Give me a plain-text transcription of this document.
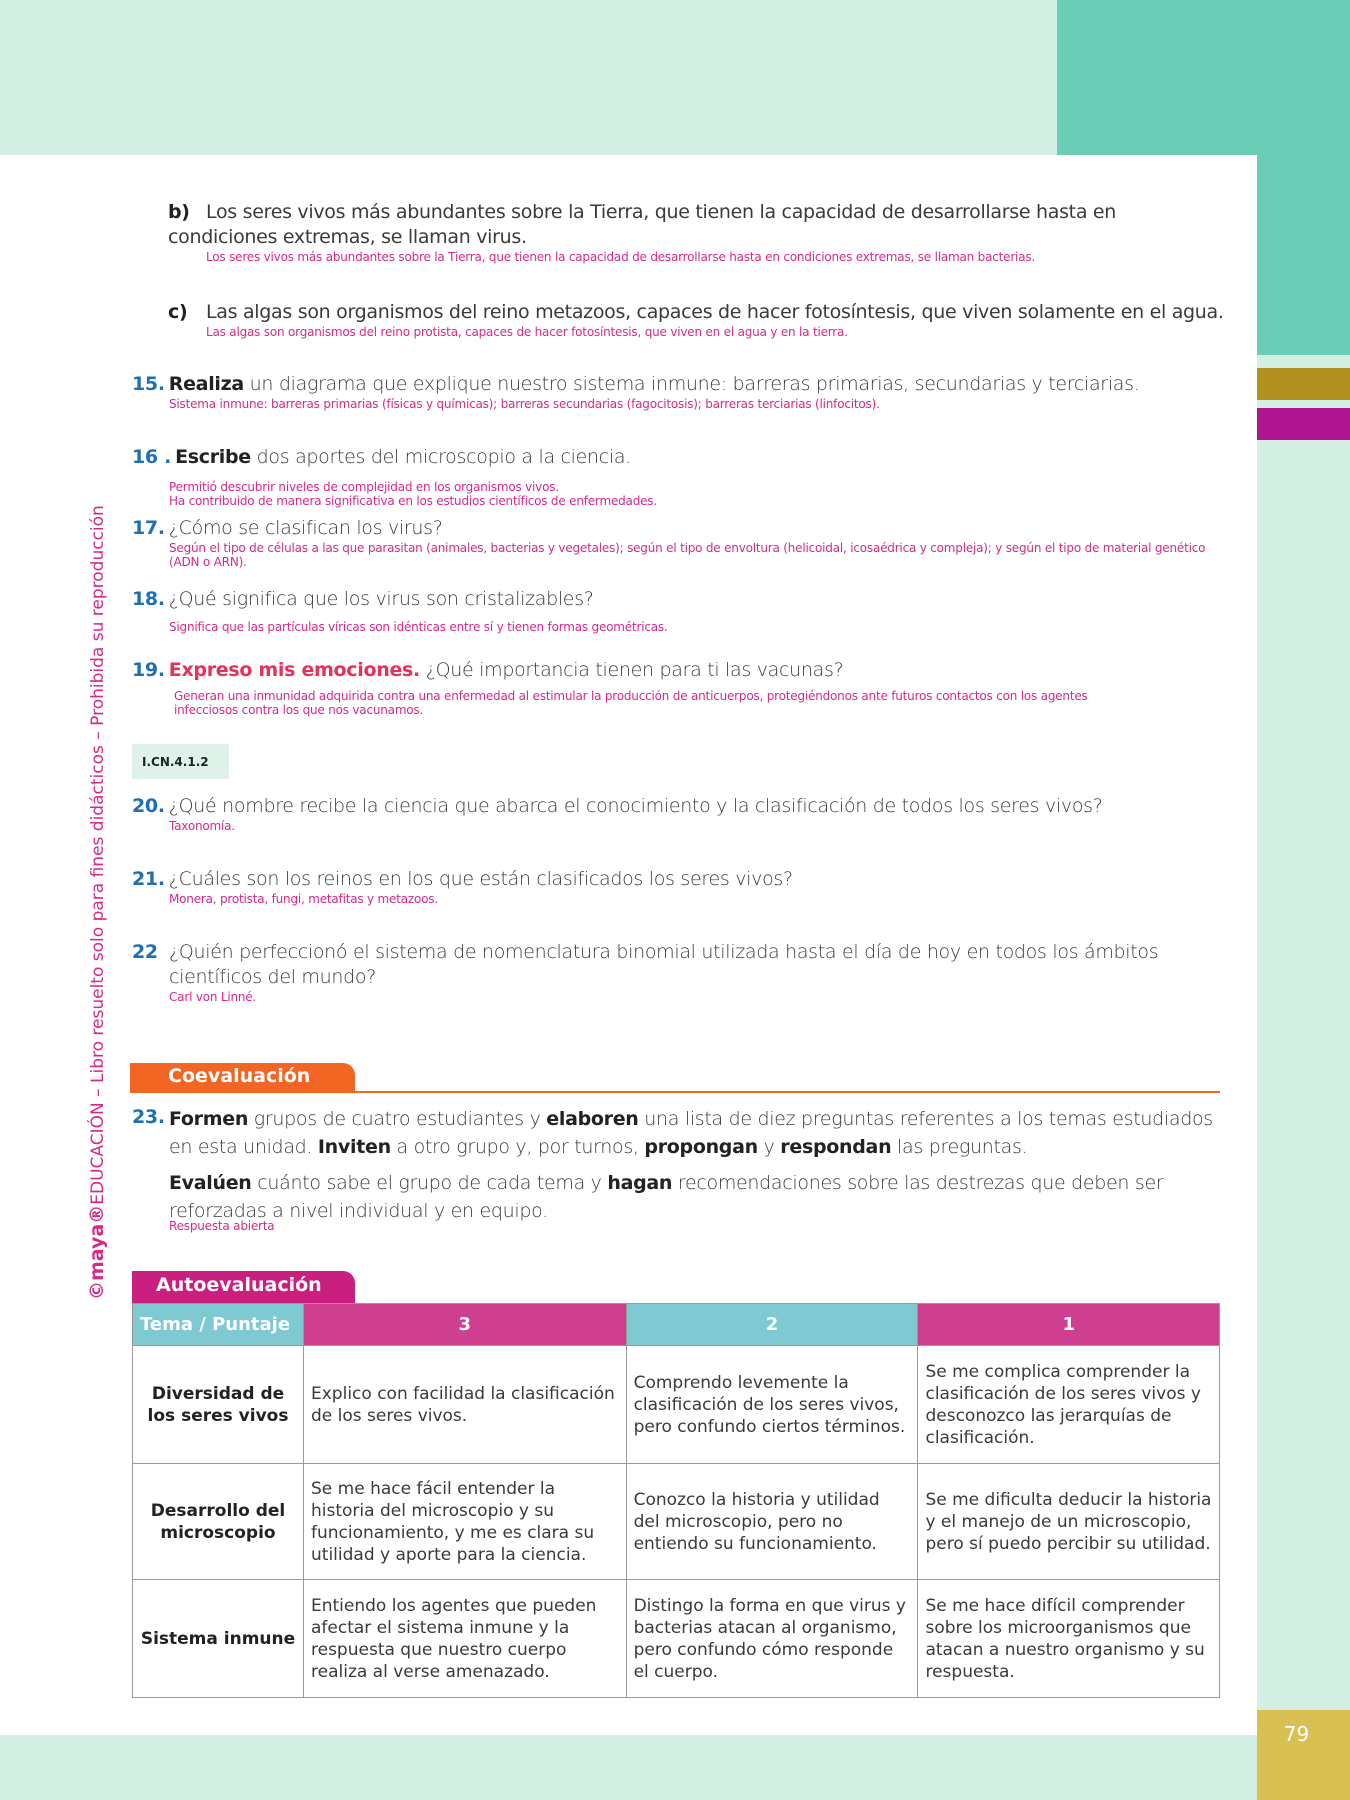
79
©maya®EDUCACIÓN – Libro resuelto solo para fines didácticos – Prohibida su reproducción
b) Los seres vivos más abundantes sobre la Tierra, que tienen la capacidad de desarrollarse hasta en condiciones extremas, se llaman virus.
Los seres vivos más abundantes sobre la Tierra, que tienen la capacidad de desarrollarse hasta en condiciones extremas, se llaman bacterias.
c) Las algas son organismos del reino metazoos, capaces de hacer fotosíntesis, que viven solamente en el agua.
Las algas son organismos del reino protista, capaces de hacer fotosíntesis, que viven en el agua y en la tierra.
15. Realiza un diagrama que explique nuestro sistema inmune: barreras primarias, secundarias y terciarias.
Sistema inmune: barreras primarias (físicas y químicas); barreras secundarias (fagocitosis); barreras terciarias (linfocitos).
16 . Escribe dos aportes del microscopio a la ciencia.
Permitió descubrir niveles de complejidad en los organismos vivos.
Ha contribuido de manera significativa en los estudios científicos de enfermedades.
17. ¿Cómo se clasifican los virus?
Según el tipo de células a las que parasitan (animales, bacterias y vegetales); según el tipo de envoltura (helicoidal, icosaédrica y compleja); y según el tipo de material genético (ADN o ARN).
18. ¿Qué significa que los virus son cristalizables?
Significa que las partículas víricas son idénticas entre sí y tienen formas geométricas.
19. Expreso mis emociones. ¿Qué importancia tienen para ti las vacunas?
Generan una inmunidad adquirida contra una enfermedad al estimular la producción de anticuerpos, protegiéndonos ante futuros contactos con los agentes infecciosos contra los que nos vacunamos.
I.CN.4.1.2
20. ¿Qué nombre recibe la ciencia que abarca el conocimiento y la clasificación de todos los seres vivos?
Taxonomía.
21. ¿Cuáles son los reinos en los que están clasificados los seres vivos?
Monera, protista, fungi, metafitas y metazoos.
22 ¿Quién perfeccionó el sistema de nomenclatura binomial utilizada hasta el día de hoy en todos los ámbitos científicos del mundo?
Carl von Linné.
Coevaluación
23. Formen grupos de cuatro estudiantes y elaboren una lista de diez preguntas referentes a los temas estudiados en esta unidad. Inviten a otro grupo y, por turnos, propongan y respondan las preguntas.
Evalúen cuánto sabe el grupo de cada tema y hagan recomendaciones sobre las destrezas que deben ser reforzadas a nivel individual y en equipo.
Respuesta abierta
Autoevaluación
Tema / Puntaje	3	2	1
Diversidad de los seres vivos	Explico con facilidad la clasificación de los seres vivos.	Comprendo levemente la clasificación de los seres vivos, pero confundo ciertos términos.	Se me complica comprender la clasificación de los seres vivos y desconozco las jerarquías de clasificación.
Desarrollo del microscopio	Se me hace fácil entender la historia del microscopio y su funcionamiento, y me es clara su utilidad y aporte para la ciencia.	Conozco la historia y utilidad del microscopio, pero no entiendo su funcionamiento.	Se me dificulta deducir la historia y el manejo de un microscopio, pero sí puedo percibir su utilidad.
Sistema inmune	Entiendo los agentes que pueden afectar el sistema inmune y la respuesta que nuestro cuerpo realiza al verse amenazado.	Distingo la forma en que virus y bacterias atacan al organismo, pero confundo cómo responde el cuerpo.	Se me hace difícil comprender sobre los microorganismos que atacan a nuestro organismo y su respuesta.
